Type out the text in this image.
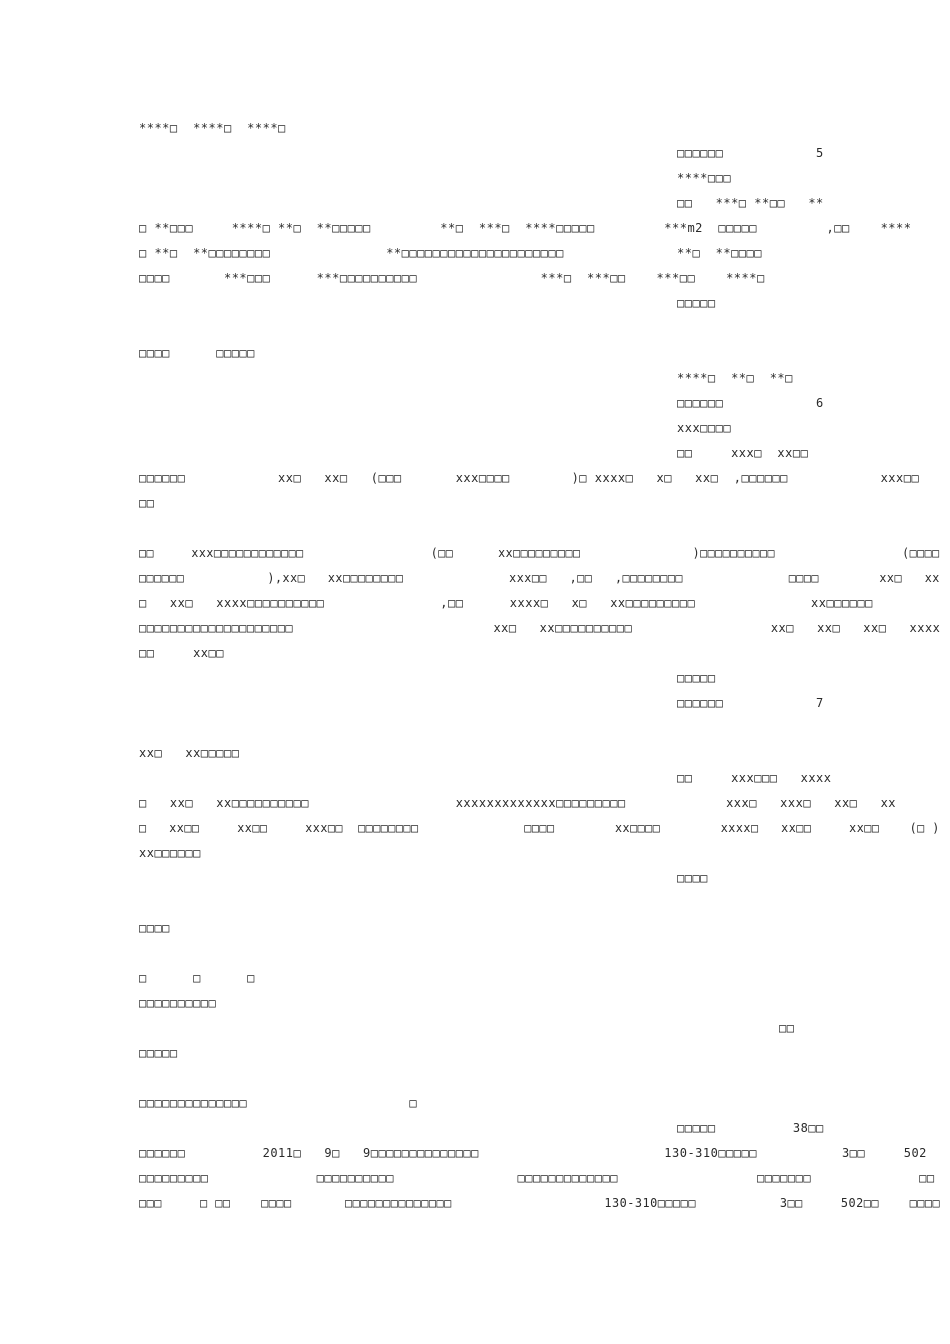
****□  ****□  ****□
□□□□□□            5
****□□□
□□   ***□ **□□   **
□ **□□□     ****□ **□  **□□□□□         **□  ***□  ****□□□□□         ***m2  □□□□□         ,□□    ****
□ **□  **□□□□□□□□               **□□□□□□□□□□□□□□□□□□□□□	**□  **□□□□
□□□□       ***□□□      ***□□□□□□□□□□                ***□  ***□□    ***□□    ****□
□□□□□
□□□□      □□□□□
****□  **□  **□
□□□□□□            6
xxx□□□□
□□     xxx□  xx□□
□□□□□□            xx□   xx□   (□□□       xxx□□□□        )□ xxxx□   x□   xx□  ,□□□□□□            xxx□□
□□
□□     xxx□□□□□□□□□□□□                 (□□      xx□□□□□□□□□               )□□□□□□□□□□                 (□□□□
□□□□□□           ),xx□   xx□□□□□□□□              xxx□□   ,□□   ,□□□□□□□□              □□□□        xx□   xx
□   xx□   xxxx□□□□□□□□□□               ,□□      xxxx□   x□   xx□□□□□□□□□               xx□□□□□□
□□□□□□□□□□□□□□□□□□□□                          xx□   xx□□□□□□□□□□                  xx□   xx□   xx□   xxxx
□□     xx□□
□□□□□
□□□□□□            7
xx□   xx□□□□□
□□     xxx□□□   xxxx
□   xx□   xx□□□□□□□□□□                   xxxxxxxxxxxxx□□□□□□□□□             xxx□   xxx□   xx□   xx
□   xx□□     xx□□     xxx□□  □□□□□□□□              □□□□        xx□□□□        xxxx□   xx□□     xx□□    (□ )
xx□□□□□□
□□□□
□□□□
□      □      □
□□□□□□□□□□
□□
□□□□□
□□□□□□□□□□□□□□                     □
□□□□□          38□□
□□□□□□          2011□   9□   9□□□□□□□□□□□□□□                        130-310□□□□□           3□□     502
□□□□□□□□□              □□□□□□□□□□                □□□□□□□□□□□□□                  □□□□□□□              □□
□□□     □ □□    □□□□       □□□□□□□□□□□□□□                    130-310□□□□□           3□□     502□□    □□□□
